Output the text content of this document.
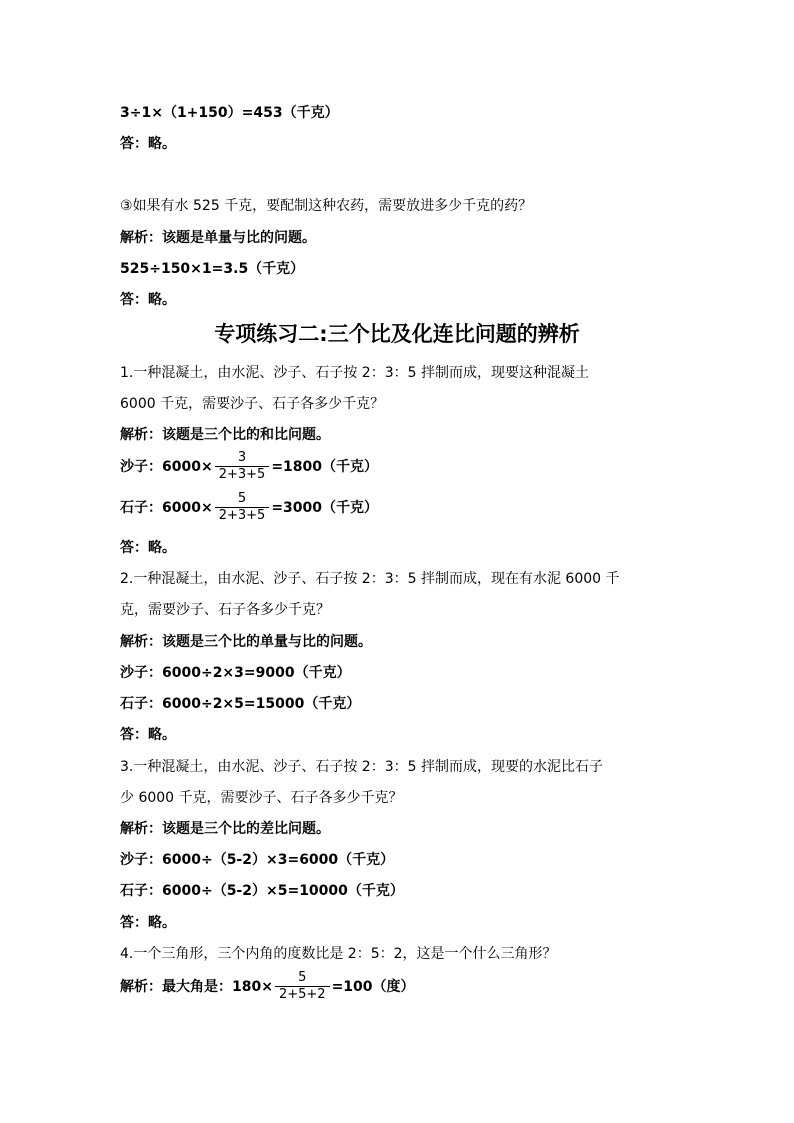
3÷1×（1+150）=453（千克）
答：略。
③如果有水 525 千克，要配制这种农药，需要放进多少千克的药？
解析：该题是单量与比的问题。
525÷150×1=3.5（千克）
答：略。
专项练习二:三个比及化连比问题的辨析
1.一种混凝土，由水泥、沙子、石子按 2：3：5 拌制而成，现要这种混凝土
6000 千克，需要沙子、石子各多少千克？
解析：该题是三个比的和比问题。
沙子：$6000\times \frac{3}{2+3+5} =1800$（千克）
石子：$6000\times \frac{5}{2+3+5} =3000$（千克）
答：略。
2.一种混凝土，由水泥、沙子、石子按 2：3：5 拌制而成，现在有水泥 6000 千
克，需要沙子、石子各多少千克？
解析：该题是三个比的单量与比的问题。
沙子：6000÷2×3=9000（千克）
石子：6000÷2×5=15000（千克）
答：略。
3.一种混凝土，由水泥、沙子、石子按 2：3：5 拌制而成，现要的水泥比石子
少 6000 千克，需要沙子、石子各多少千克？
解析：该题是三个比的差比问题。
沙子：6000÷（5-2）×3=6000（千克）
石子：6000÷（5-2）×5=10000（千克）
答：略。
4.一个三角形，三个内角的度数比是 2：5：2，这是一个什么三角形？
解析：最大角是：$180\times \frac{5}{2+5+2} =100$（度）
